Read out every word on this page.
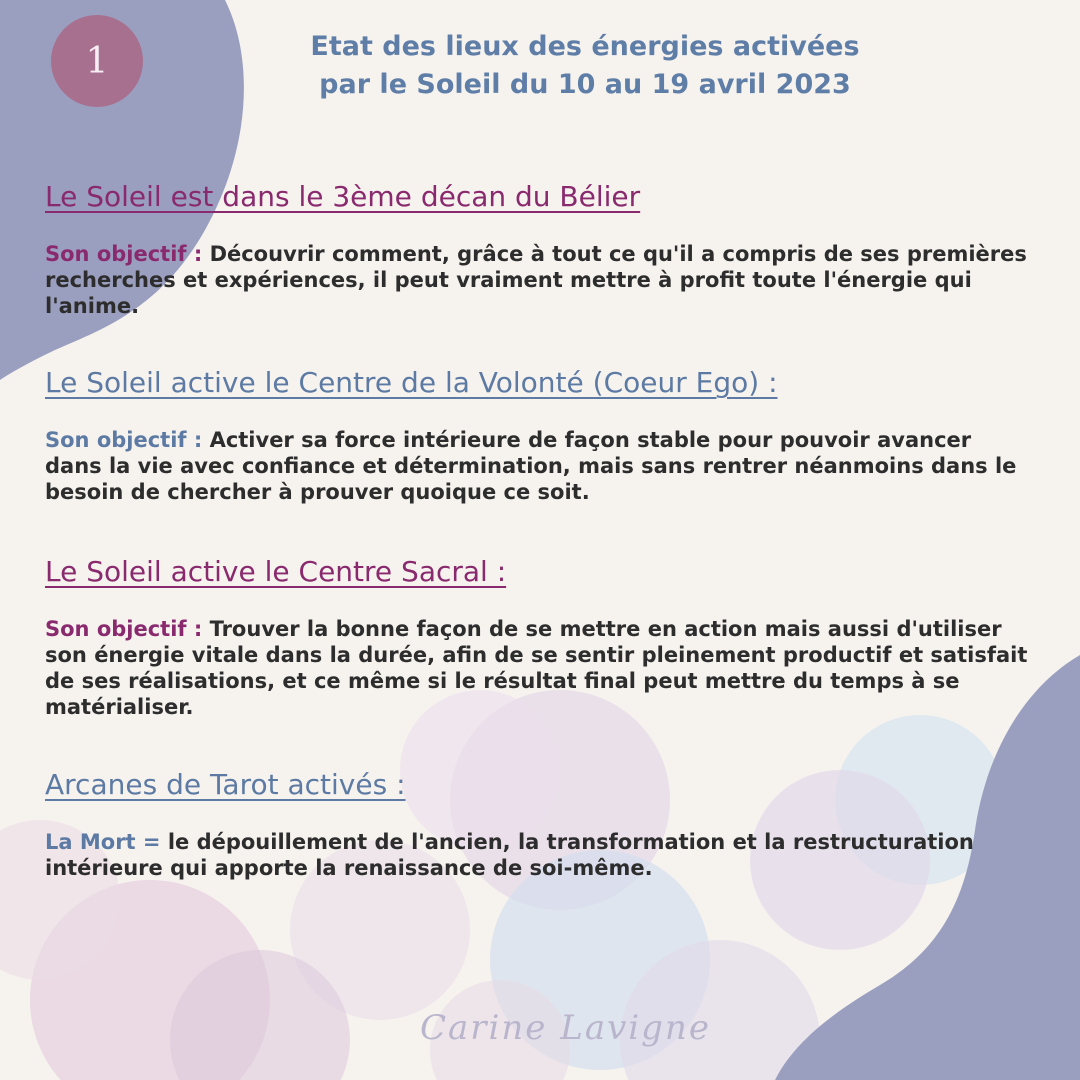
1	Etat des lieux des énergies activées
par le Soleil du 10 au 19 avril 2023
Le Soleil est dans le 3ème décan du Bélier

Son objectif : Découvrir comment, grâce à tout ce qu'il a compris de ses premières recherches et expériences, il peut vraiment mettre à profit toute l'énergie qui l'anime.

Le Soleil active le Centre de la Volonté (Coeur Ego) :

Son objectif : Activer sa force intérieure de façon stable pour pouvoir avancer dans la vie avec confiance et détermination, mais sans rentrer néanmoins dans le besoin de chercher à prouver quoique ce soit.

Le Soleil active le Centre Sacral :

Son objectif : Trouver la bonne façon de se mettre en action mais aussi d'utiliser son énergie vitale dans la durée, afin de se sentir pleinement productif et satisfait de ses réalisations, et ce même si le résultat final peut mettre du temps à se matérialiser.

Arcanes de Tarot activés :

La Mort = le dépouillement de l'ancien, la transformation et la restructuration intérieure qui apporte la renaissance de soi-même.

Carine Lavigne
